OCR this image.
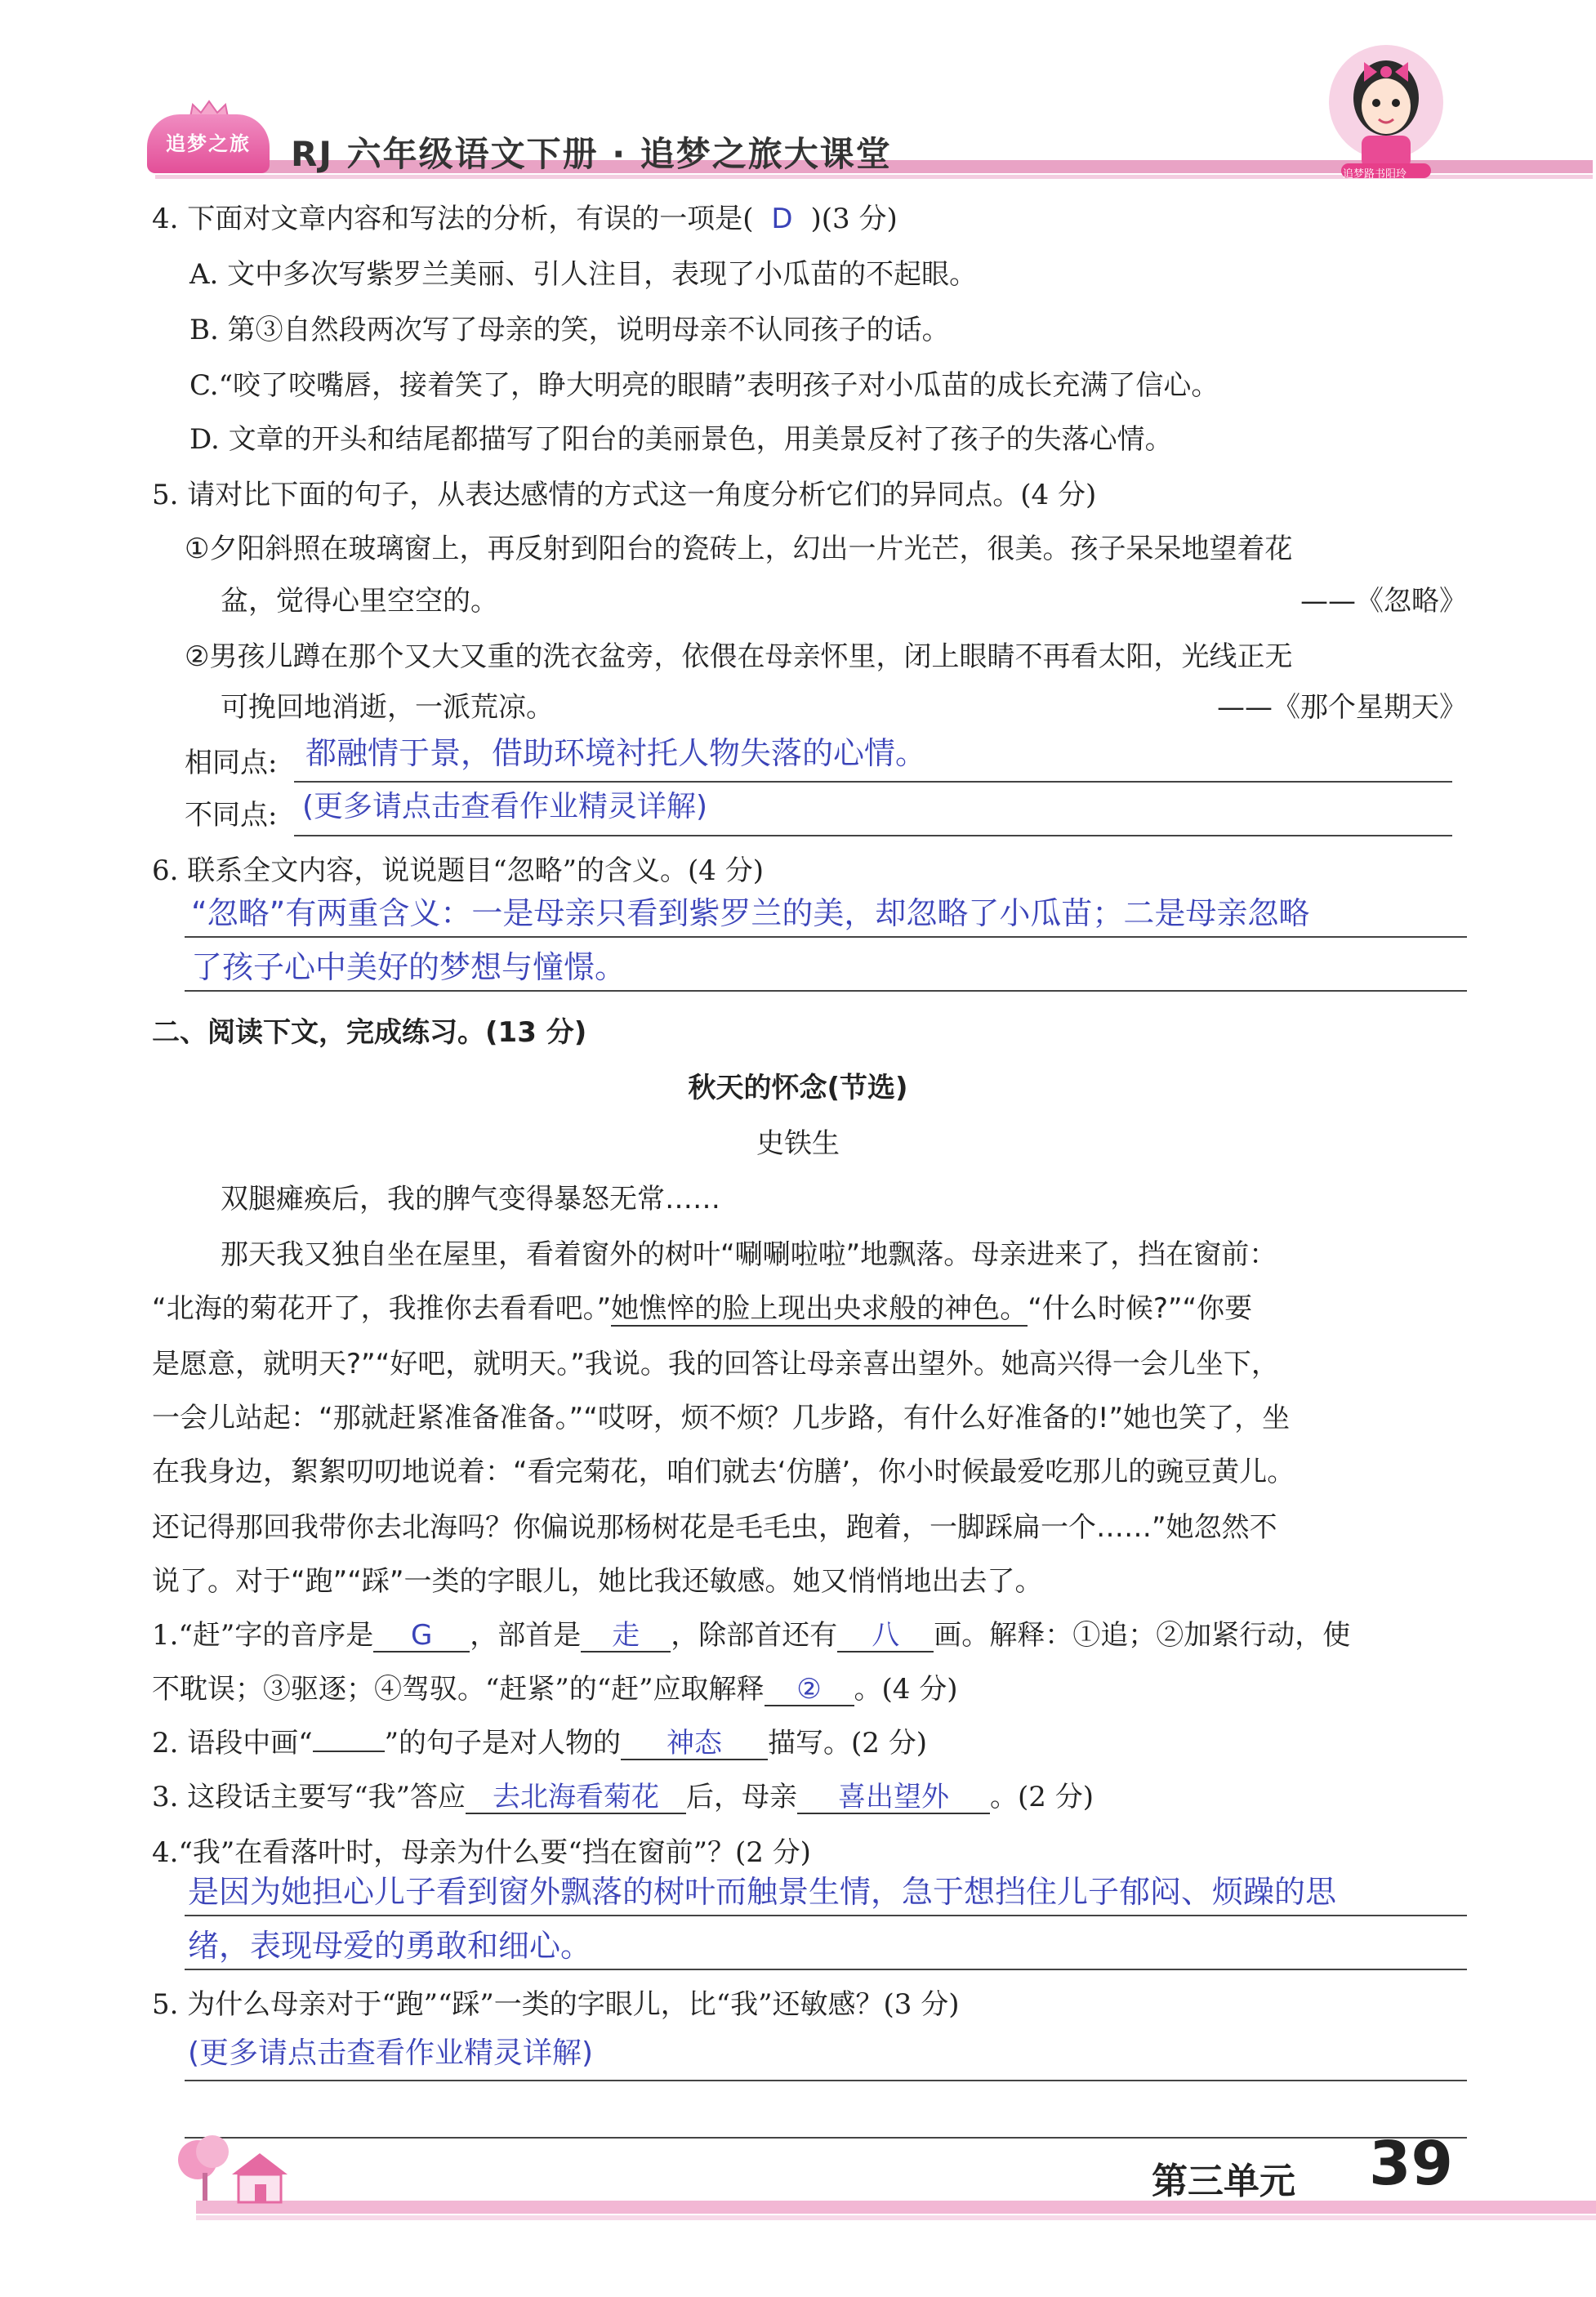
追梦之旅	RJ 六年级语文下册 · 追梦之旅大课堂
追梦路书阳玲
4. 下面对文章内容和写法的分析，有误的一项是( D )(3 分)
A. 文中多次写紫罗兰美丽、引人注目，表现了小瓜苗的不起眼。
B. 第③自然段两次写了母亲的笑，说明母亲不认同孩子的话。
C.“咬了咬嘴唇，接着笑了，睁大明亮的眼睛”表明孩子对小瓜苗的成长充满了信心。
D. 文章的开头和结尾都描写了阳台的美丽景色，用美景反衬了孩子的失落心情。
5. 请对比下面的句子，从表达感情的方式这一角度分析它们的异同点。(4 分)
①夕阳斜照在玻璃窗上，再反射到阳台的瓷砖上，幻出一片光芒，很美。孩子呆呆地望着花
盆，觉得心里空空的。	——《忽略》
②男孩儿蹲在那个又大又重的洗衣盆旁，依偎在母亲怀里，闭上眼睛不再看太阳，光线正无
可挽回地消逝，一派荒凉。	——《那个星期天》
相同点: 都融情于景，借助环境衬托人物失落的心情。
不同点: (更多请点击查看作业精灵详解)
6. 联系全文内容，说说题目“忽略”的含义。(4 分)
“忽略”有两重含义：一是母亲只看到紫罗兰的美，却忽略了小瓜苗；二是母亲忽略
了孩子心中美好的梦想与憧憬。
二、阅读下文，完成练习。(13 分)
秋天的怀念(节选)
史铁生
双腿瘫痪后，我的脾气变得暴怒无常……
那天我又独自坐在屋里，看着窗外的树叶“唰唰啦啦”地飘落。母亲进来了，挡在窗前：
“北海的菊花开了，我推你去看看吧。”她憔悴的脸上现出央求般的神色。“什么时候?”“你要
是愿意，就明天?”“好吧，就明天。”我说。我的回答让母亲喜出望外。她高兴得一会儿坐下，
一会儿站起：“那就赶紧准备准备。”“哎呀，烦不烦？几步路，有什么好准备的!”她也笑了，坐
在我身边，絮絮叨叨地说着：“看完菊花，咱们就去‘仿膳’，你小时候最爱吃那儿的豌豆黄儿。
还记得那回我带你去北海吗？你偏说那杨树花是毛毛虫，跑着，一脚踩扁一个……”她忽然不
说了。对于“跑”“踩”一类的字眼儿，她比我还敏感。她又悄悄地出去了。
1.“赶”字的音序是 G ，部首是 走 ，除部首还有 八 画。解释：①追；②加紧行动，使
不耽误；③驱逐；④驾驭。“赶紧”的“赶”应取解释 ② 。(4 分)
2. 语段中画“	”的句子是对人物的 神态 描写。(2 分)
3. 这段话主要写“我”答应 去北海看菊花 后，母亲 喜出望外 。(2 分)
4.“我”在看落叶时，母亲为什么要“挡在窗前”？(2 分)
是因为她担心儿子看到窗外飘落的树叶而触景生情，急于想挡住儿子郁闷、烦躁的思
绪，表现母爱的勇敢和细心。
5. 为什么母亲对于“跑”“踩”一类的字眼儿，比“我”还敏感？(3 分)
(更多请点击查看作业精灵详解)
第三单元 39
